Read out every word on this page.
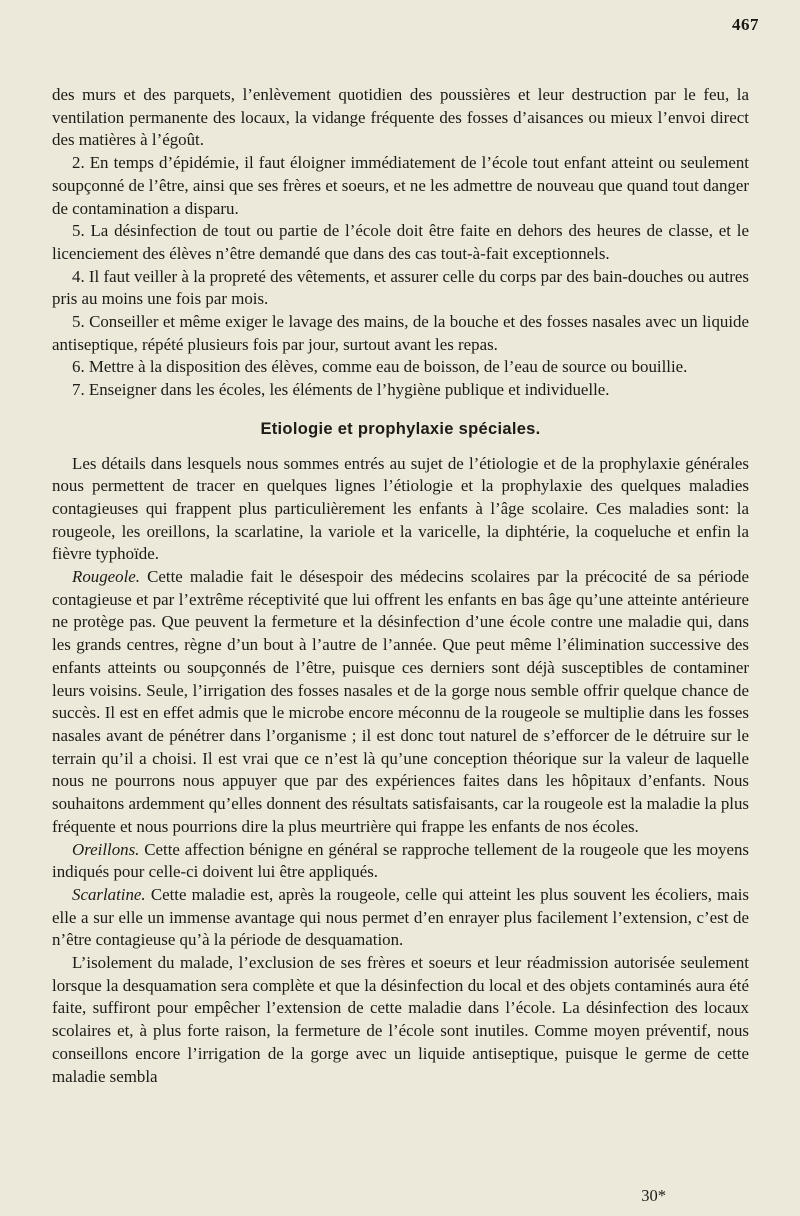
467

des murs et des parquets, l’enlèvement quotidien des poussières et leur destruction par le feu, la ventilation permanente des locaux, la vidange fréquente des fosses d’aisances ou mieux l’envoi direct des matières à l’égoût.

2. En temps d’épidémie, il faut éloigner immédiatement de l’école tout enfant atteint ou seulement soupçonné de l’être, ainsi que ses frères et soeurs, et ne les admettre de nouveau que quand tout danger de contamination a disparu.

5. La désinfection de tout ou partie de l’école doit être faite en dehors des heures de classe, et le licenciement des élèves n’être demandé que dans des cas tout-à-fait exceptionnels.

4. Il faut veiller à la propreté des vêtements, et assurer celle du corps par des bain-douches ou autres pris au moins une fois par mois.

5. Conseiller et même exiger le lavage des mains, de la bouche et des fosses nasales avec un liquide antiseptique, répété plusieurs fois par jour, surtout avant les repas.

6. Mettre à la disposition des élèves, comme eau de boisson, de l’eau de source ou bouillie.

7. Enseigner dans les écoles, les éléments de l’hygiène publique et individuelle.

Etiologie et prophylaxie spéciales.

Les détails dans lesquels nous sommes entrés au sujet de l’étiologie et de la prophylaxie générales nous permettent de tracer en quelques lignes l’étiologie et la prophylaxie des quelques maladies contagieuses qui frappent plus particulièrement les enfants à l’âge scolaire. Ces maladies sont: la rougeole, les oreillons, la scarlatine, la variole et la varicelle, la diphtérie, la coqueluche et enfin la fièvre typhoïde.

Rougeole. Cette maladie fait le désespoir des médecins scolaires par la précocité de sa période contagieuse et par l’extrême réceptivité que lui offrent les enfants en bas âge qu’une atteinte antérieure ne protège pas. Que peuvent la fermeture et la désinfection d’une école contre une maladie qui, dans les grands centres, règne d’un bout à l’autre de l’année. Que peut même l’élimination successive des enfants atteints ou soupçonnés de l’être, puisque ces derniers sont déjà susceptibles de contaminer leurs voisins. Seule, l’irrigation des fosses nasales et de la gorge nous semble offrir quelque chance de succès. Il est en effet admis que le microbe encore méconnu de la rougeole se multiplie dans les fosses nasales avant de pénétrer dans l’organisme ; il est donc tout naturel de s’efforcer de le détruire sur le terrain qu’il a choisi. Il est vrai que ce n’est là qu’une conception théorique sur la valeur de laquelle nous ne pourrons nous appuyer que par des expériences faites dans les hôpitaux d’enfants. Nous souhaitons ardemment qu’elles donnent des résultats satisfaisants, car la rougeole est la maladie la plus fréquente et nous pourrions dire la plus meurtrière qui frappe les enfants de nos écoles.

Oreillons. Cette affection bénigne en général se rapproche tellement de la rougeole que les moyens indiqués pour celle-ci doivent lui être appliqués.

Scarlatine. Cette maladie est, après la rougeole, celle qui atteint les plus souvent les écoliers, mais elle a sur elle un immense avantage qui nous permet d’en enrayer plus facilement l’extension, c’est de n’être contagieuse qu’à la période de desquamation.

L’isolement du malade, l’exclusion de ses frères et soeurs et leur réadmission autorisée seulement lorsque la desquamation sera complète et que la désinfection du local et des objets contaminés aura été faite, suffiront pour empêcher l’extension de cette maladie dans l’école. La désinfection des locaux scolaires et, à plus forte raison, la fermeture de l’école sont inutiles. Comme moyen préventif, nous conseillons encore l’irrigation de la gorge avec un liquide antiseptique, puisque le germe de cette maladie sembla

30*
